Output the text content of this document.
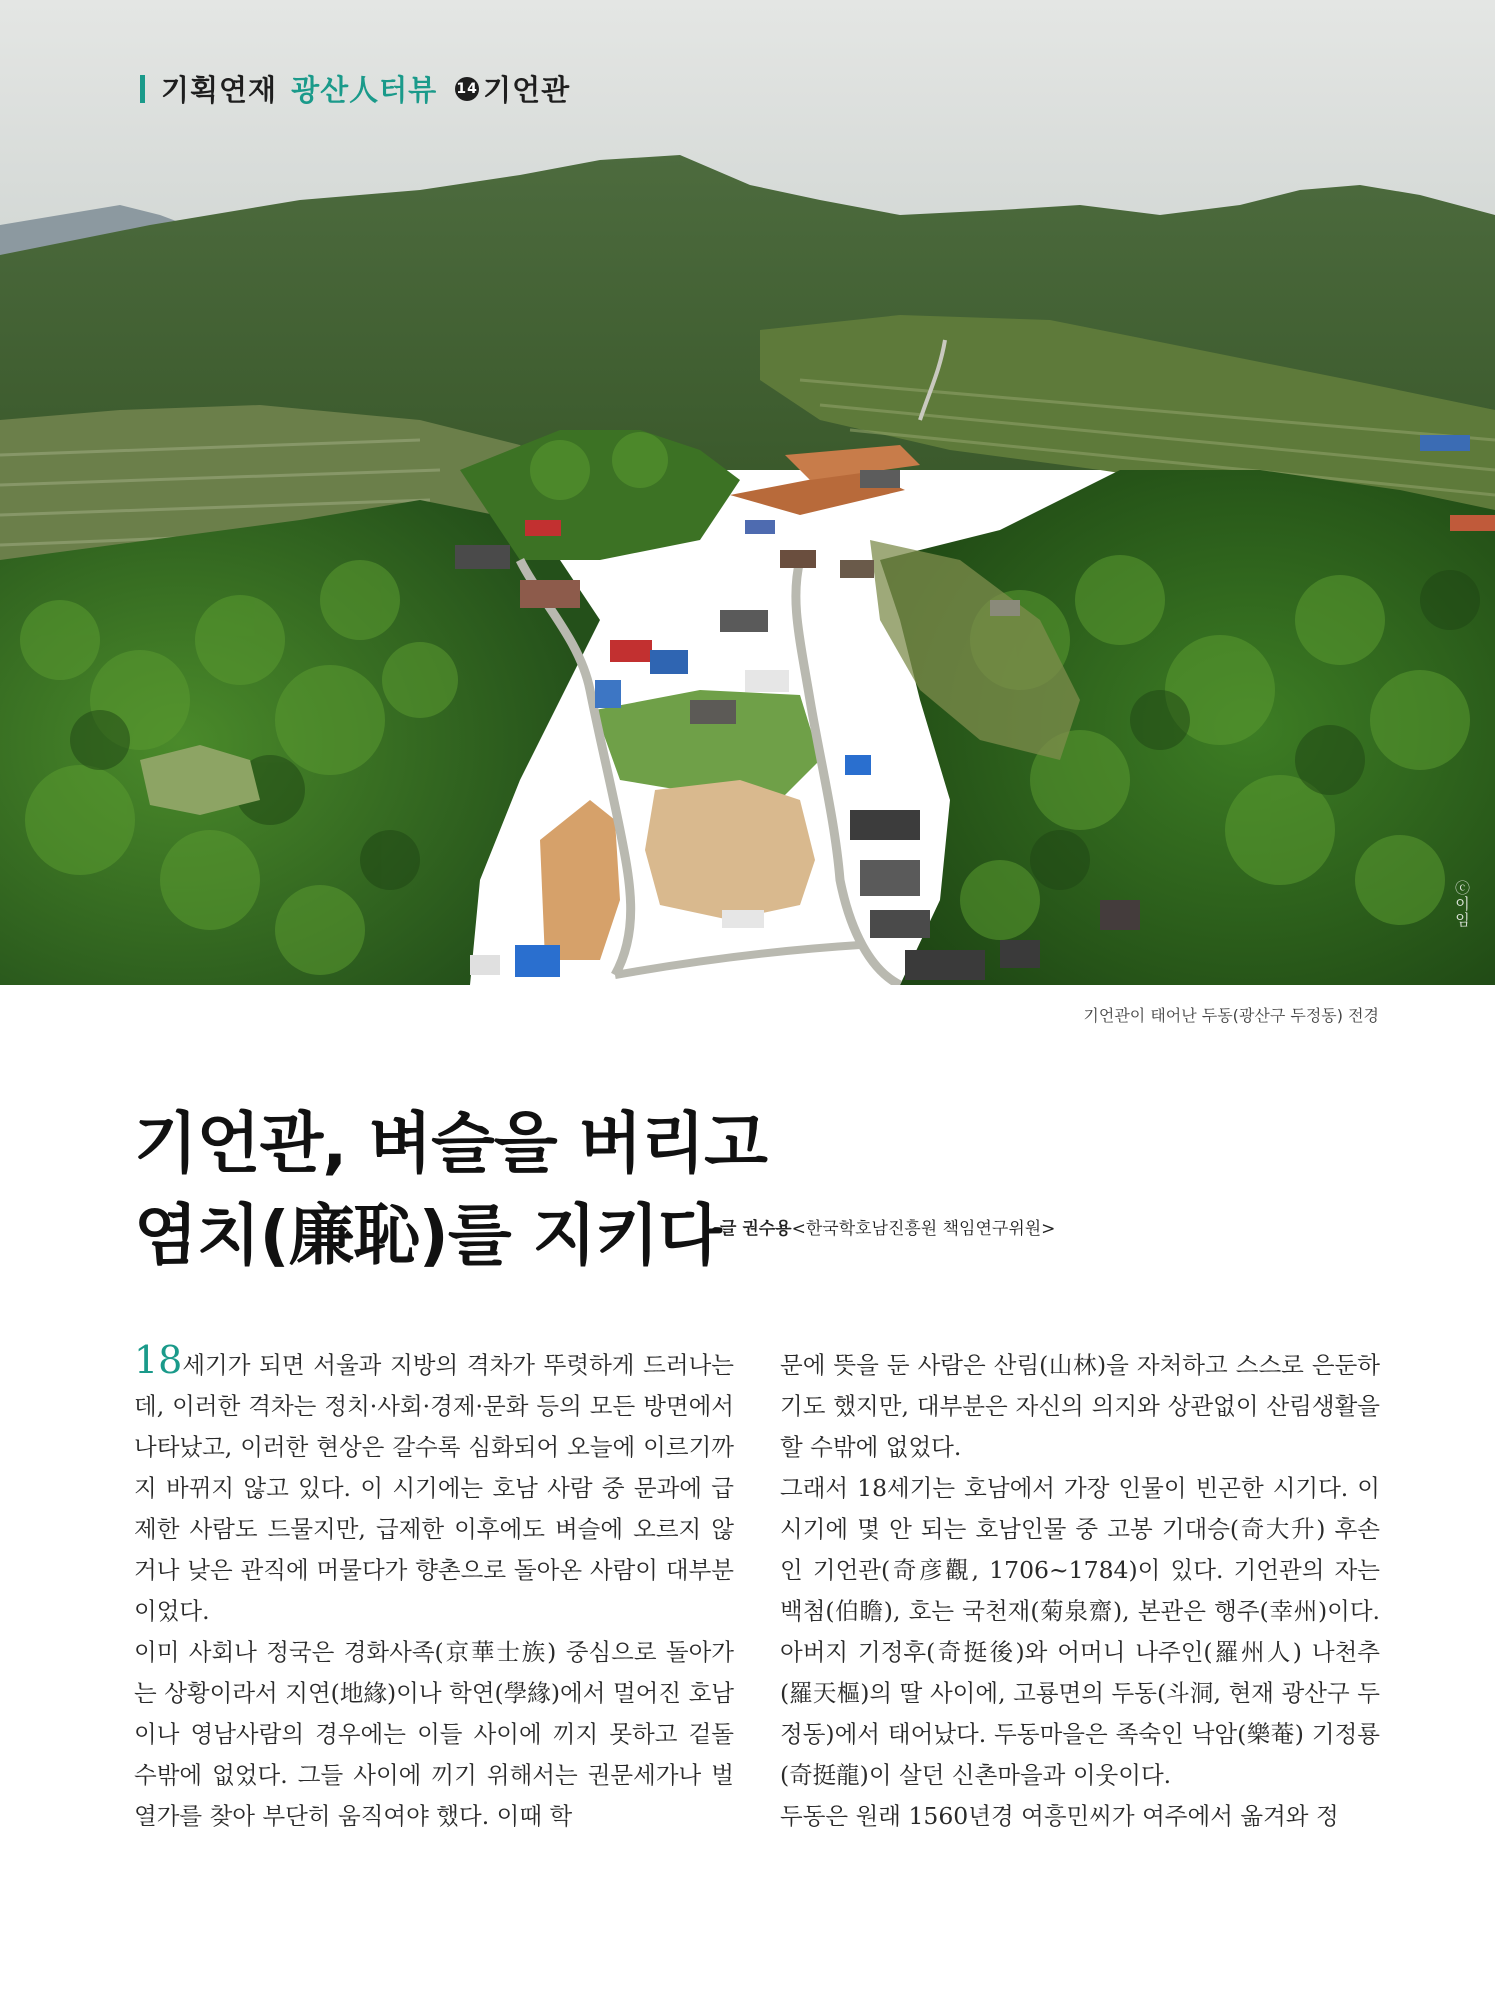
기획연재 광산人터뷰 14 기언관
ⓒ이임
기언관이 태어난 두동(광산구 두정동) 전경
기언관, 벼슬을 버리고
염치(廉恥)를 지키다 글 권수용<한국학호남진흥원 책임연구위원>

18세기가 되면 서울과 지방의 격차가 뚜렷하게 드러나는데, 이러한 격차는 정치·사회·경제·문화 등의 모든 방면에서 나타났고, 이러한 현상은 갈수록 심화되어 오늘에 이르기까지 바뀌지 않고 있다. 이 시기에는 호남 사람 중 문과에 급제한 사람도 드물지만, 급제한 이후에도 벼슬에 오르지 않거나 낮은 관직에 머물다가 향촌으로 돌아온 사람이 대부분이었다.

이미 사회나 정국은 경화사족(京華士族) 중심으로 돌아가는 상황이라서 지연(地緣)이나 학연(學緣)에서 멀어진 호남이나 영남사람의 경우에는 이들 사이에 끼지 못하고 겉돌 수밖에 없었다. 그들 사이에 끼기 위해서는 권문세가나 벌열가를 찾아 부단히 움직여야 했다. 이때 학

문에 뜻을 둔 사람은 산림(山林)을 자처하고 스스로 은둔하기도 했지만, 대부분은 자신의 의지와 상관없이 산림생활을 할 수밖에 없었다.

그래서 18세기는 호남에서 가장 인물이 빈곤한 시기다. 이 시기에 몇 안 되는 호남인물 중 고봉 기대승(奇大升) 후손인 기언관(奇彦觀, 1706~1784)이 있다. 기언관의 자는 백첨(伯瞻), 호는 국천재(菊泉齋), 본관은 행주(幸州)이다. 아버지 기정후(奇挺後)와 어머니 나주인(羅州人) 나천추(羅天樞)의 딸 사이에, 고룡면의 두동(斗洞, 현재 광산구 두정동)에서 태어났다. 두동마을은 족숙인 낙암(樂菴) 기정룡(奇挺龍)이 살던 신촌마을과 이웃이다.

두동은 원래 1560년경 여흥민씨가 여주에서 옮겨와 정
